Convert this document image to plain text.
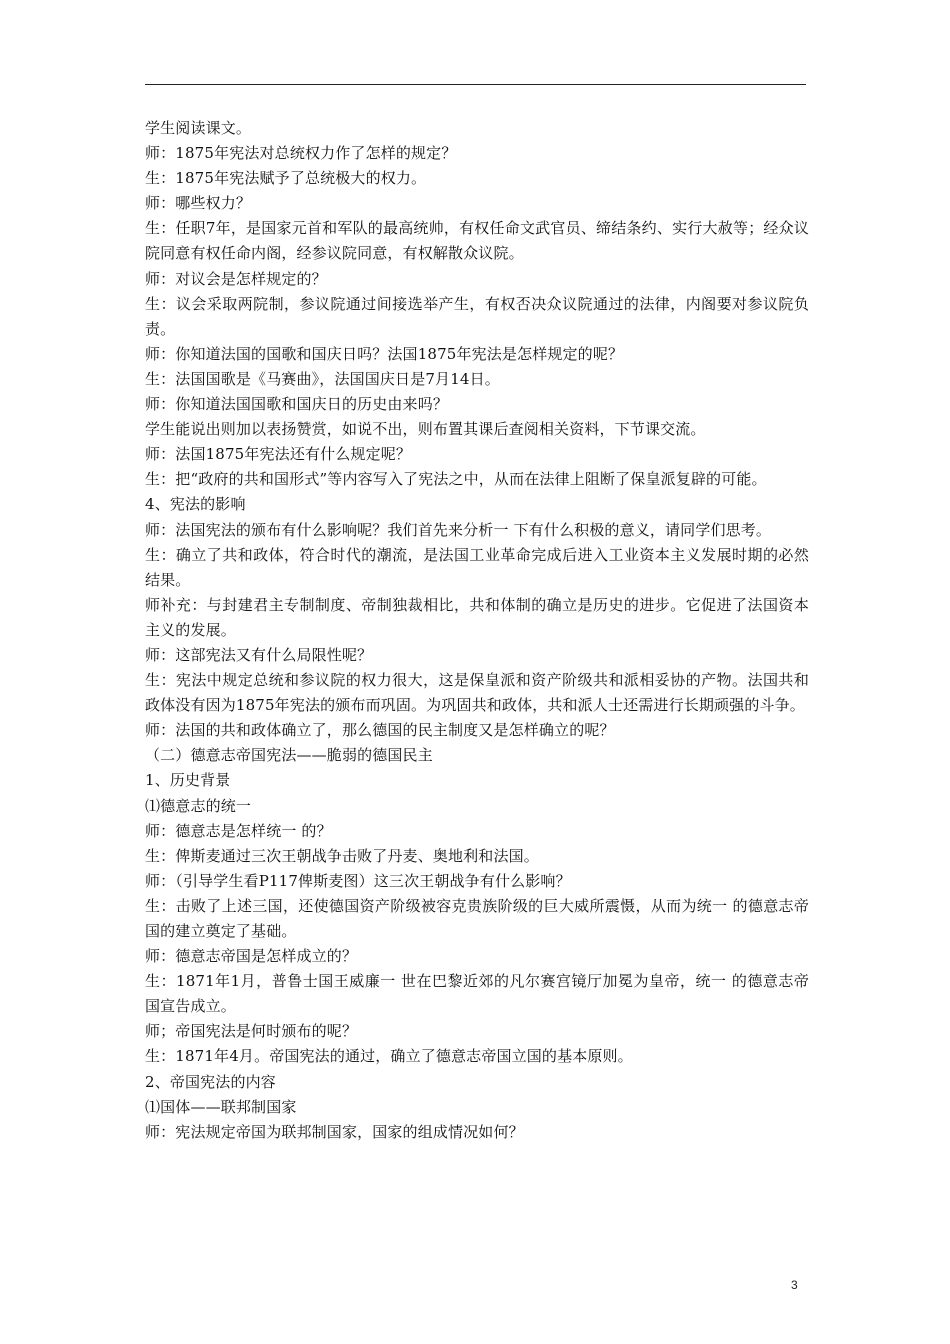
学生阅读课文。

师：1875年宪法对总统权力作了怎样的规定？

生：1875年宪法赋予了总统极大的权力。

师：哪些权力？

生：任职7年，是国家元首和军队的最高统帅，有权任命文武官员、缔结条约、实行大赦等；经众议院同意有权任命内阁，经参议院同意，有权解散众议院。

师：对议会是怎样规定的？

生：议会采取两院制，参议院通过间接选举产生，有权否决众议院通过的法律，内阁要对参议院负责。

师：你知道法国的国歌和国庆日吗？法国1875年宪法是怎样规定的呢？

生：法国国歌是《马赛曲》，法国国庆日是7月14日。

师：你知道法国国歌和国庆日的历史由来吗？

学生能说出则加以表扬赞赏，如说不出，则布置其课后查阅相关资料，下节课交流。

师：法国1875年宪法还有什么规定呢？

生：把“政府的共和国形式”等内容写入了宪法之中，从而在法律上阻断了保皇派复辟的可能。

4、宪法的影响

师：法国宪法的颁布有什么影响呢？我们首先来分析一 下有什么积极的意义，请同学们思考。

生：确立了共和政体，符合时代的潮流，是法国工业革命完成后进入工业资本主义发展时期的必然结果。

师补充：与封建君主专制制度、帝制独裁相比，共和体制的确立是历史的进步。它促进了法国资本主义的发展。

师：这部宪法又有什么局限性呢？

生：宪法中规定总统和参议院的权力很大，这是保皇派和资产阶级共和派相妥协的产物。法国共和政体没有因为1875年宪法的颁布而巩固。为巩固共和政体，共和派人士还需进行长期顽强的斗争。

师：法国的共和政体确立了，那么德国的民主制度又是怎样确立的呢？

（二）德意志帝国宪法——脆弱的德国民主

1、历史背景

⑴德意志的统一

师：德意志是怎样统一 的？

生：俾斯麦通过三次王朝战争击败了丹麦、奥地利和法国。

师：（引导学生看P117俾斯麦图）这三次王朝战争有什么影响？

生：击败了上述三国，还使德国资产阶级被容克贵族阶级的巨大威所震慑，从而为统一 的德意志帝国的建立奠定了基础。

师：德意志帝国是怎样成立的？

生：1871年1月，普鲁士国王威廉一 世在巴黎近郊的凡尔赛宫镜厅加冕为皇帝，统一 的德意志帝国宣告成立。

师；帝国宪法是何时颁布的呢？

生：1871年4月。帝国宪法的通过，确立了德意志帝国立国的基本原则。

2、帝国宪法的内容

⑴国体——联邦制国家

师：宪法规定帝国为联邦制国家，国家的组成情况如何？

3
